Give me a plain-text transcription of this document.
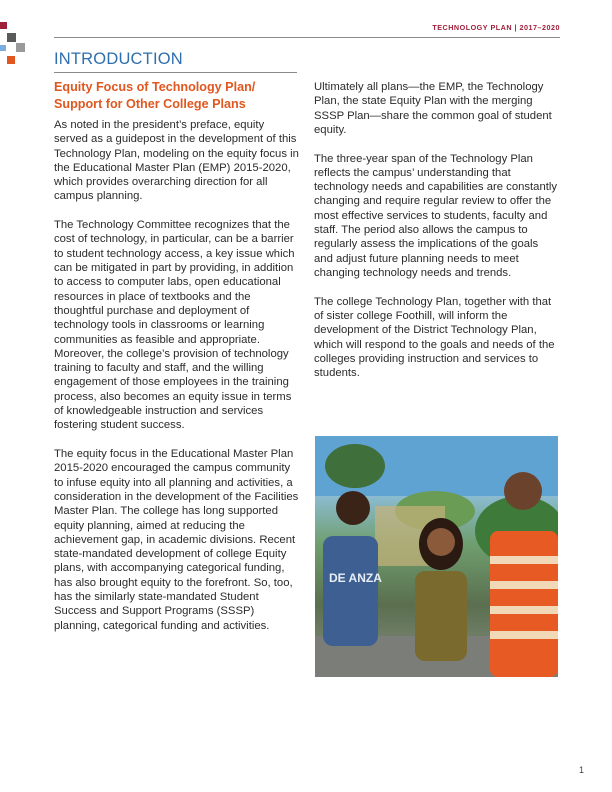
TECHNOLOGY PLAN | 2017–2020
INTRODUCTION
Equity Focus of Technology Plan/ Support for Other College Plans

As noted in the president’s preface, equity served as a guidepost in the development of this Technology Plan, modeling on the equity focus in the Educational Master Plan (EMP) 2015-2020, which provides overarching direction for all campus planning.

The Technology Committee recognizes that the cost of technology, in particular, can be a barrier to student technology access, a key issue which can be mitigated in part by providing, in addition to access to computer labs, open educational resources in place of textbooks and the thoughtful purchase and deployment of technology tools in classrooms or learning communities as feasible and appropriate. Moreover, the college’s provision of technology training to faculty and staff, and the willing engagement of those employees in the training process, also becomes an equity issue in terms of knowledgeable instruction and services fostering student success.

The equity focus in the Educational Master Plan 2015-2020 encouraged the campus community to infuse equity into all planning and activities, a consideration in the development of the Facilities Master Plan. The college has long supported equity planning, aimed at reducing the achievement gap, in academic divisions. Recent state-mandated development of college Equity plans, with accompanying categorical funding, has also brought equity to the forefront. So, too, has the similarly state-mandated Student Success and Support Programs (SSSP) planning, categorical funding and activities.

Ultimately all plans—the EMP, the Technology Plan, the state Equity Plan with the merging SSSP Plan—share the common goal of student equity.

The three-year span of the Technology Plan reflects the campus’ understanding that technology needs and capabilities are constantly changing and require regular review to offer the most effective services to students, faculty and staff. The period also allows the campus to regularly assess the implications of the goals and adjust future planning needs to meet changing technology needs and trends.

The college Technology Plan, together with that of sister college Foothill, will inform the development of the District Technology Plan, which will respond to the goals and needs of the colleges providing instruction and services to students.

DE ANZA
1
